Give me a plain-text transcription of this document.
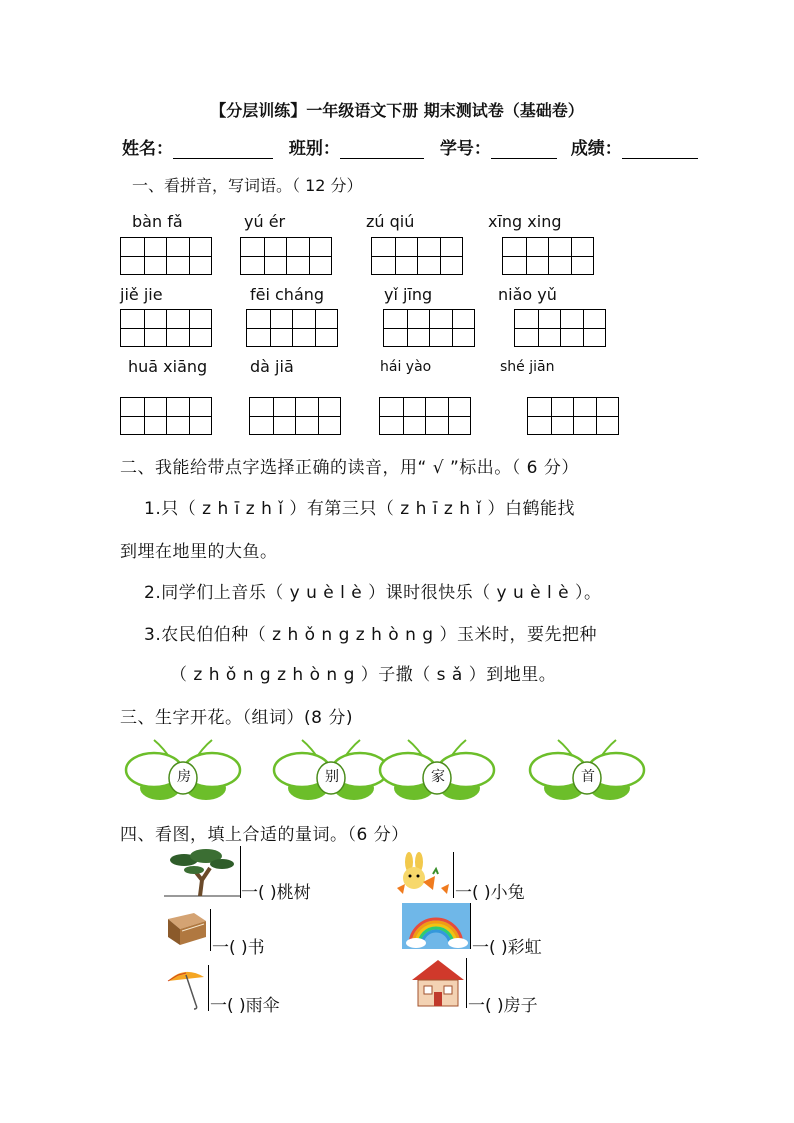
【分层训练】一年级语文下册 期末测试卷（基础卷）
姓名：	班别：	学号：	成绩：
一、看拼音，写词语。（ 12 分）
bàn fǎ	yú ér	zú qiú	xīng xing
jiě jie	fēi cháng	yǐ jīng	niǎo yǔ
huā xiāng	dà jiā	hái yào	shé jiān
二、我能给带点字选择正确的读音，用“ √ ”标出。（ 6 分）
1.只（ z h ī z h ǐ ）有第三只（ z h ī z h ǐ ）白鹤能找
到埋在地里的大鱼。
2.同学们上音乐（ y u è l è ）课时很快乐（ y u è l è ）。
3.农民伯伯种（ z h ǒ n g z h ò n g ）玉米时，要先把种
（ z h ǒ n g z h ò n g ）子撒（ s ǎ ）到地里。
三、生字开花。（组词）(8 分)
房	别	家	首
四、看图，填上合适的量词。（6 分）
一( )桃树	一( )小兔
一( )书	一( )彩虹
一( )雨伞	一( )房子
